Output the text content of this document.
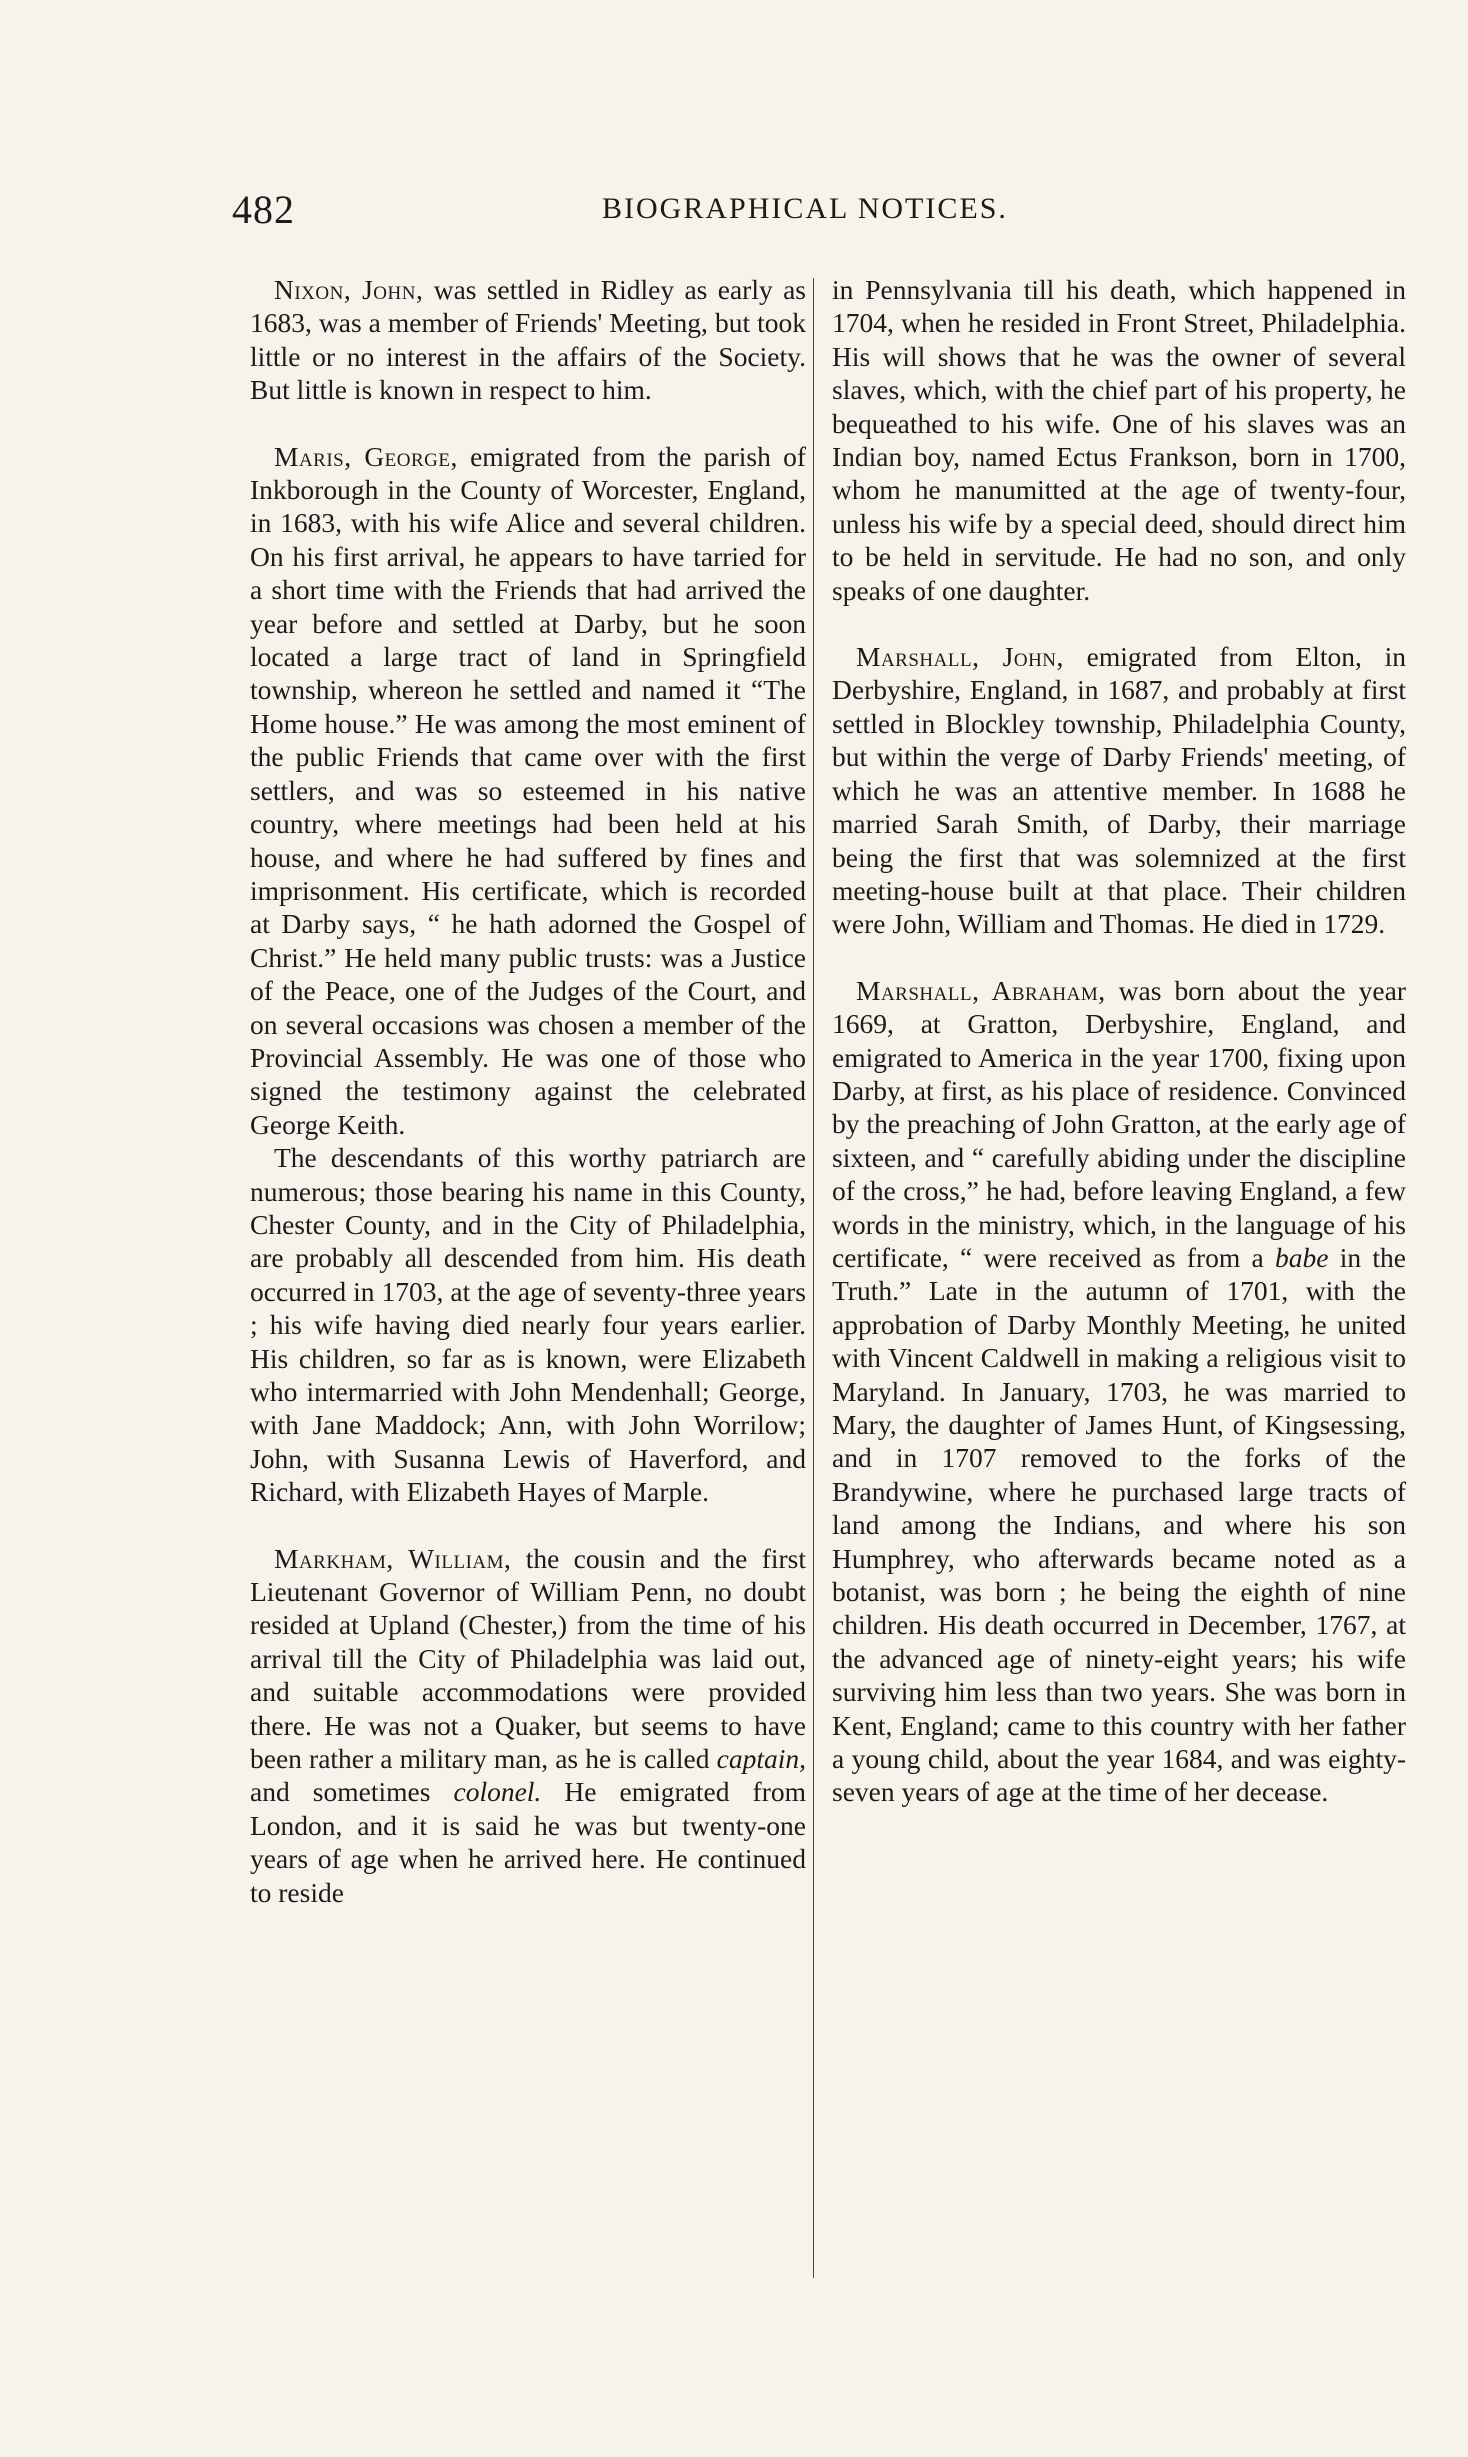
482	BIOGRAPHICAL NOTICES.

Nixon, John, was settled in Ridley as early as 1683, was a member of Friends' Meeting, but took little or no interest in the affairs of the Society. But little is known in respect to him.

Maris, George, emigrated from the parish of Inkborough in the County of Worcester, England, in 1683, with his wife Alice and several children. On his first arrival, he appears to have tarried for a short time with the Friends that had arrived the year before and settled at Darby, but he soon located a large tract of land in Springfield township, whereon he settled and named it “The Home house.” He was among the most eminent of the public Friends that came over with the first settlers, and was so esteemed in his native country, where meetings had been held at his house, and where he had suffered by fines and imprisonment. His certificate, which is recorded at Darby says, “ he hath adorned the Gospel of Christ.” He held many public trusts: was a Justice of the Peace, one of the Judges of the Court, and on several occasions was chosen a member of the Provincial Assembly. He was one of those who signed the testimony against the celebrated George Keith.

The descendants of this worthy patriarch are numerous; those bearing his name in this County, Chester County, and in the City of Philadelphia, are probably all descended from him. His death occurred in 1703, at the age of seventy-three years ; his wife having died nearly four years earlier. His children, so far as is known, were Elizabeth who intermarried with John Mendenhall; George, with Jane Maddock; Ann, with John Worrilow; John, with Susanna Lewis of Haverford, and Richard, with Elizabeth Hayes of Marple.

Markham, William, the cousin and the first Lieutenant Governor of William Penn, no doubt resided at Upland (Chester,) from the time of his arrival till the City of Philadelphia was laid out, and suitable accommodations were provided there. He was not a Quaker, but seems to have been rather a military man, as he is called captain, and sometimes colonel. He emigrated from London, and it is said he was but twenty-one years of age when he arrived here. He continued to reside

in Pennsylvania till his death, which happened in 1704, when he resided in Front Street, Philadelphia. His will shows that he was the owner of several slaves, which, with the chief part of his property, he bequeathed to his wife. One of his slaves was an Indian boy, named Ectus Frankson, born in 1700, whom he manumitted at the age of twenty-four, unless his wife by a special deed, should direct him to be held in servitude. He had no son, and only speaks of one daughter.

Marshall, John, emigrated from Elton, in Derbyshire, England, in 1687, and probably at first settled in Blockley township, Philadelphia County, but within the verge of Darby Friends' meeting, of which he was an attentive member. In 1688 he married Sarah Smith, of Darby, their marriage being the first that was solemnized at the first meeting-house built at that place. Their children were John, William and Thomas. He died in 1729.

Marshall, Abraham, was born about the year 1669, at Gratton, Derbyshire, England, and emigrated to America in the year 1700, fixing upon Darby, at first, as his place of residence. Convinced by the preaching of John Gratton, at the early age of sixteen, and “ carefully abiding under the discipline of the cross,” he had, before leaving England, a few words in the ministry, which, in the language of his certificate, “ were received as from a babe in the Truth.” Late in the autumn of 1701, with the approbation of Darby Monthly Meeting, he united with Vincent Caldwell in making a religious visit to Maryland. In January, 1703, he was married to Mary, the daughter of James Hunt, of Kingsessing, and in 1707 removed to the forks of the Brandywine, where he purchased large tracts of land among the Indians, and where his son Humphrey, who afterwards became noted as a botanist, was born ; he being the eighth of nine children. His death occurred in December, 1767, at the advanced age of ninety-eight years; his wife surviving him less than two years. She was born in Kent, England; came to this country with her father a young child, about the year 1684, and was eighty-seven years of age at the time of her decease.
